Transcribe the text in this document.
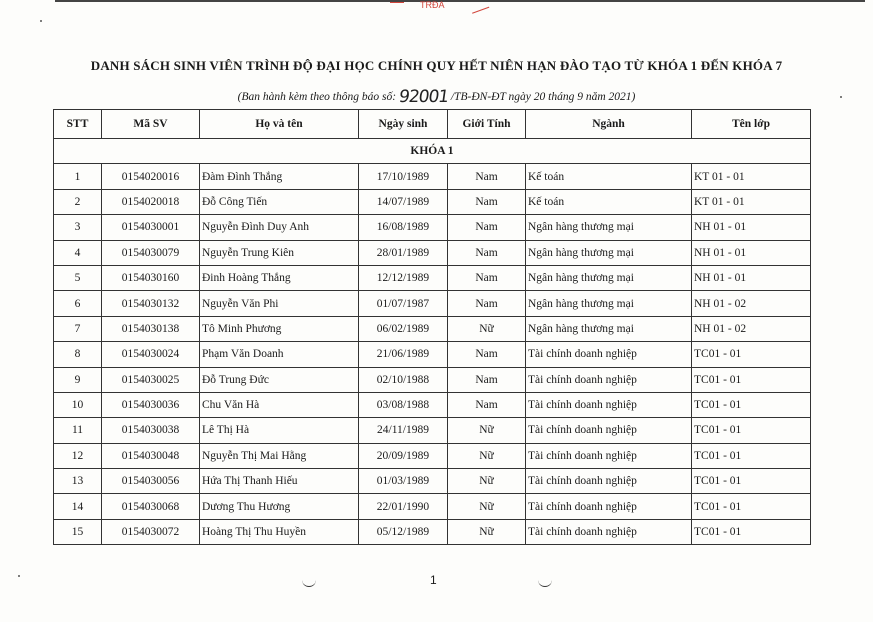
TR ĐA
DANH SÁCH SINH VIÊN TRÌNH ĐỘ ĐẠI HỌC CHÍNH QUY HẾT NIÊN HẠN ĐÀO TẠO TỪ KHÓA 1 ĐẾN KHÓA 7
(Ban hành kèm theo thông báo số: 92001 /TB-ĐN-ĐT ngày 20 tháng 9 năm 2021)
STT	Mã SV	Họ và tên	Ngày sinh	Giới Tính	Ngành	Tên lớp
KHÓA 1						
1	0154020016	Đàm Đình Thắng	17/10/1989	Nam	Kế toán	KT 01 - 01
2	0154020018	Đỗ Công Tiến	14/07/1989	Nam	Kế toán	KT 01 - 01
3	0154030001	Nguyễn Đình Duy Anh	16/08/1989	Nam	Ngân hàng thương mại	NH 01 - 01
4	0154030079	Nguyễn Trung Kiên	28/01/1989	Nam	Ngân hàng thương mại	NH 01 - 01
5	0154030160	Đinh Hoàng Thắng	12/12/1989	Nam	Ngân hàng thương mại	NH 01 - 01
6	0154030132	Nguyễn Văn Phi	01/07/1987	Nam	Ngân hàng thương mại	NH 01 - 02
7	0154030138	Tô Minh Phương	06/02/1989	Nữ	Ngân hàng thương mại	NH 01 - 02
8	0154030024	Phạm Văn Doanh	21/06/1989	Nam	Tài chính doanh nghiệp	TC01 - 01
9	0154030025	Đỗ Trung Đức	02/10/1988	Nam	Tài chính doanh nghiệp	TC01 - 01
10	0154030036	Chu Văn Hà	03/08/1988	Nam	Tài chính doanh nghiệp	TC01 - 01
11	0154030038	Lê Thị Hà	24/11/1989	Nữ	Tài chính doanh nghiệp	TC01 - 01
12	0154030048	Nguyễn Thị Mai Hằng	20/09/1989	Nữ	Tài chính doanh nghiệp	TC01 - 01
13	0154030056	Hứa Thị Thanh Hiếu	01/03/1989	Nữ	Tài chính doanh nghiệp	TC01 - 01
14	0154030068	Dương Thu Hương	22/01/1990	Nữ	Tài chính doanh nghiệp	TC01 - 01
15	0154030072	Hoàng Thị Thu Huyền	05/12/1989	Nữ	Tài chính doanh nghiệp	TC01 - 01
1
